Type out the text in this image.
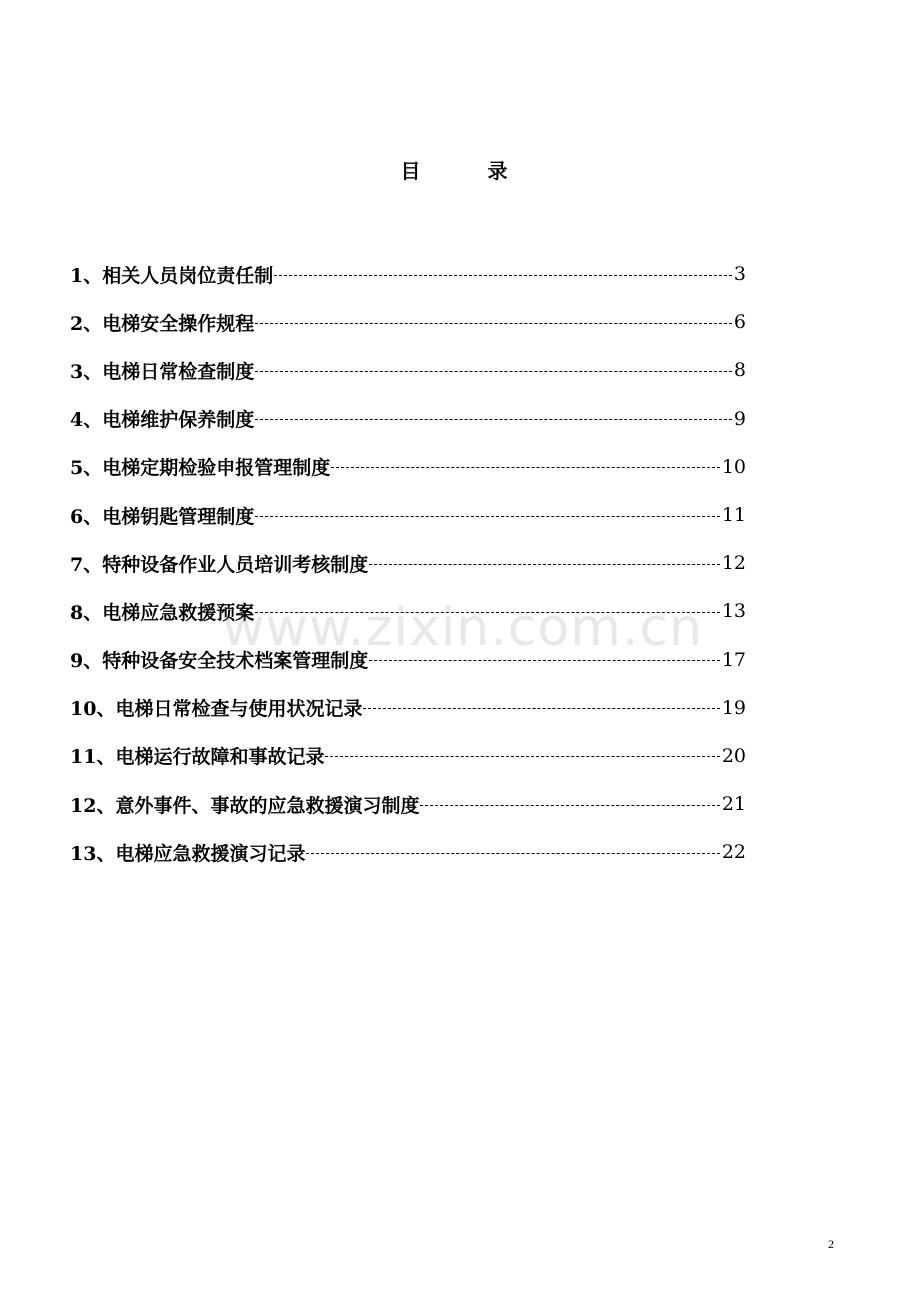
目 录
1、相关人员岗位责任制	3
2、电梯安全操作规程	6
3、电梯日常检查制度	8
4、电梯维护保养制度	9
5、电梯定期检验申报管理制度	10
6、电梯钥匙管理制度	11
7、特种设备作业人员培训考核制度	12
8、电梯应急救援预案	13
9、特种设备安全技术档案管理制度	17
10、电梯日常检查与使用状况记录	19
11、电梯运行故障和事故记录	20
12、意外事件、事故的应急救援演习制度	21
13、电梯应急救援演习记录	22
www.zixin.com.cn
2
